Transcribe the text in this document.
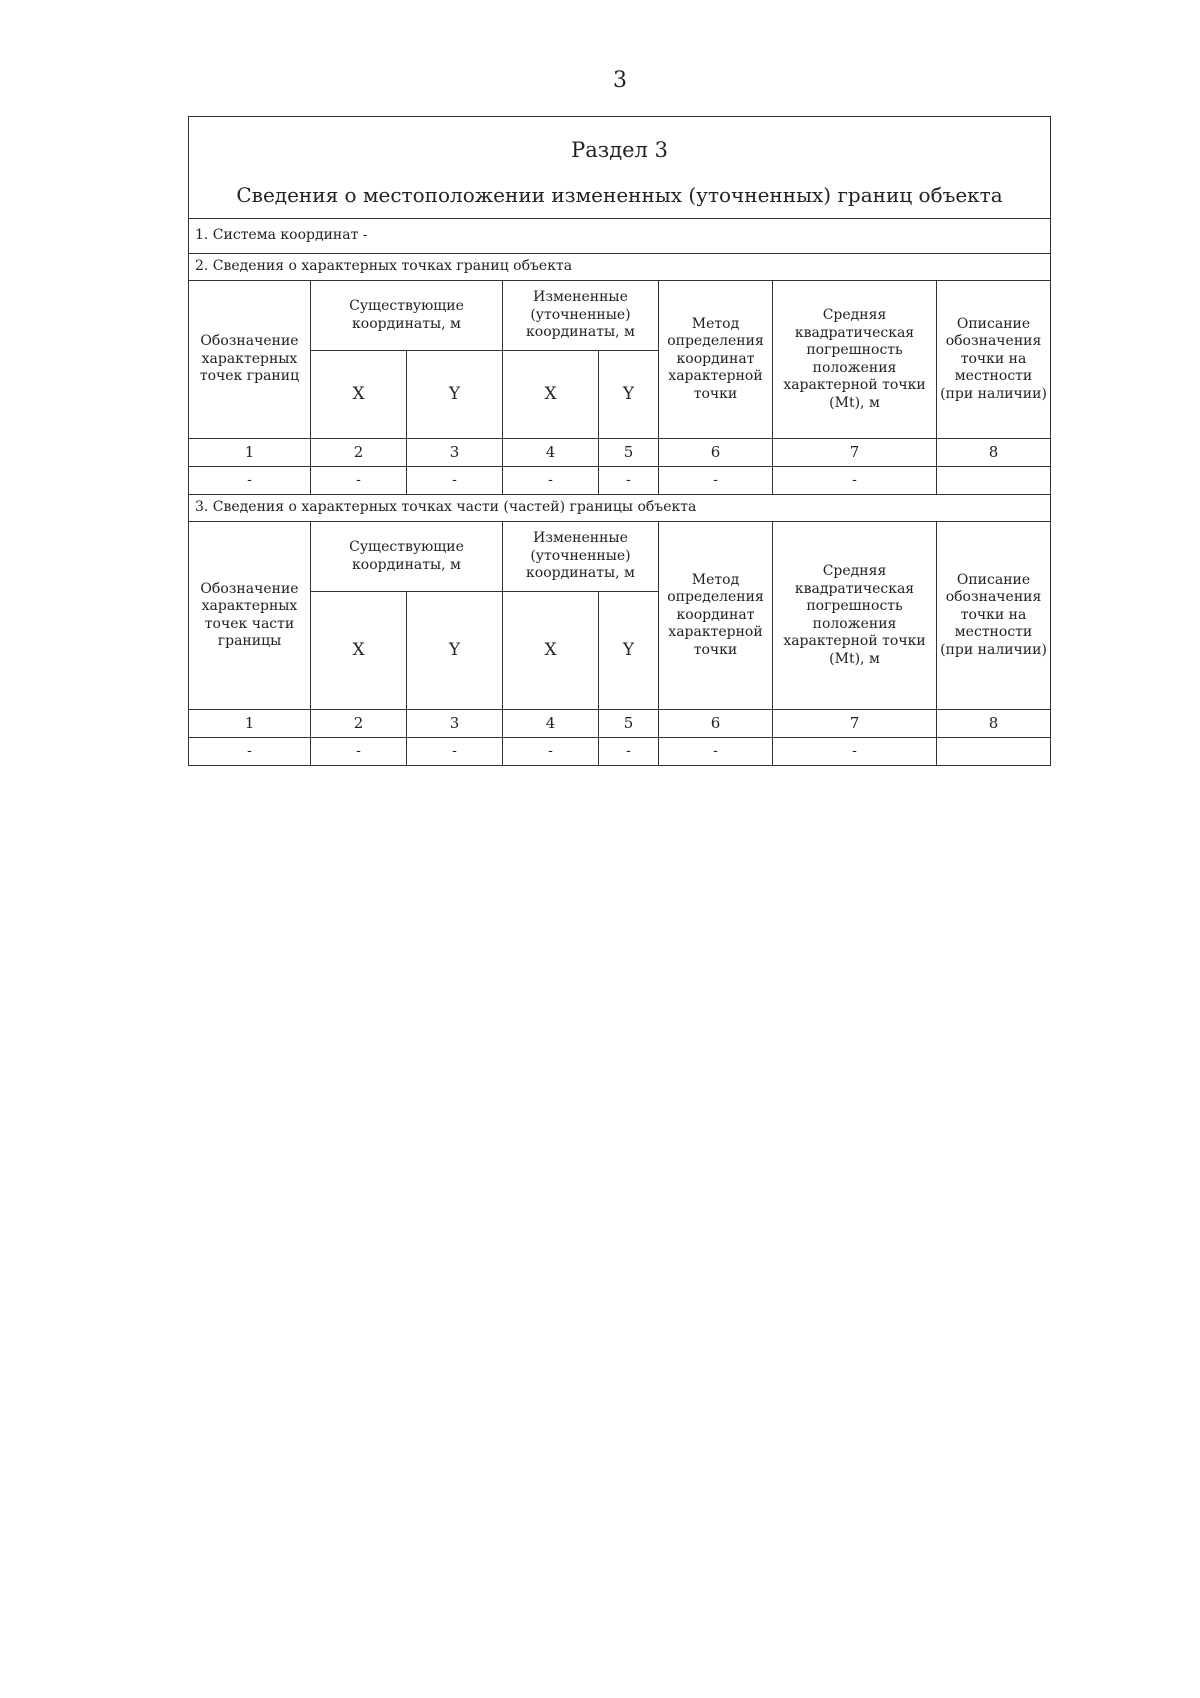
3
Раздел 3
Сведения о местоположении измененных (уточненных) границ объекта							

1. Система координат -							
2. Сведения о характерных точках границ объекта							
Обозначение характерных точек границ	Существующие координаты, м		Измененные (уточненные) координаты, м		Метод определения координат характерной точки	Средняя квадратическая погрешность положения характерной точки (Mt), м	Описание обозначения точки на местности (при наличии)
	X	Y	X	Y			
1	2	3	4	5	6	7	8
-	-	-	-	-	-	-	
3. Сведения о характерных точках части (частей) границы объекта							
Обозначение характерных точек части границы	Существующие координаты, м		Измененные (уточненные) координаты, м		Метод определения координат характерной точки	Средняя квадратическая погрешность положения характерной точки (Mt), м	Описание обозначения точки на местности (при наличии)
	X	Y	X	Y			
1	2	3	4	5	6	7	8
-	-	-	-	-	-	-	
